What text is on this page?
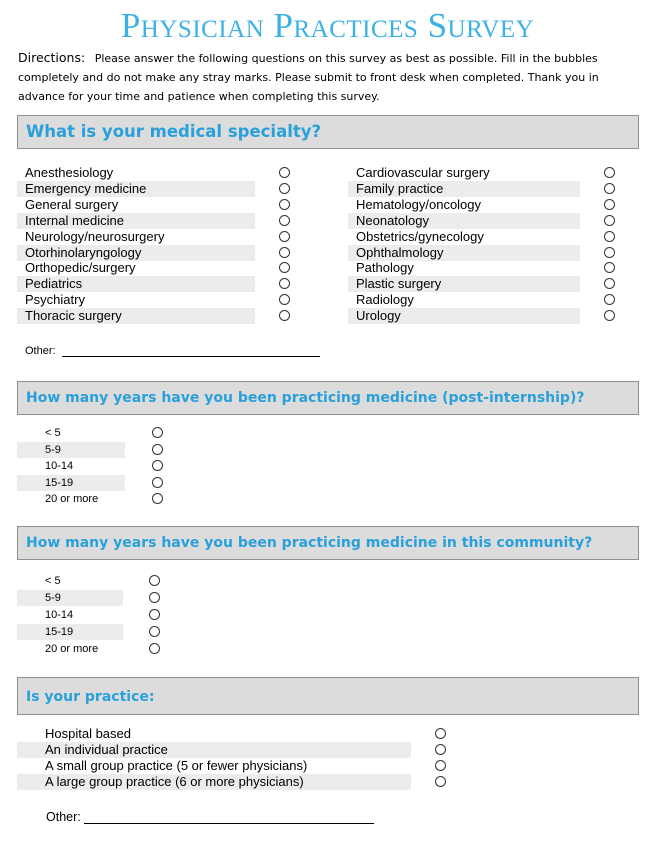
Physician Practices Survey
Directions: Please answer the following questions on this survey as best as possible. Fill in the bubbles completely and do not make any stray marks. Please submit to front desk when completed. Thank you in advance for your time and patience when completing this survey.
What is your medical specialty?
Anesthesiology
Emergency medicine
General surgery
Internal medicine
Neurology/neurosurgery
Otorhinolaryngology
Orthopedic/surgery
Pediatrics
Psychiatry
Thoracic surgery
Cardiovascular surgery
Family practice
Hematology/oncology
Neonatology
Obstetrics/gynecology
Ophthalmology
Pathology
Plastic surgery
Radiology
Urology
Other:
How many years have you been practicing medicine (post-internship)?
< 5
5-9
10-14
15-19
20 or more
How many years have you been practicing medicine in this community?
< 5
5-9
10-14
15-19
20 or more
Is your practice:
Hospital based
An individual practice
A small group practice (5 or fewer physicians)
A large group practice (6 or more physicians)
Other:
